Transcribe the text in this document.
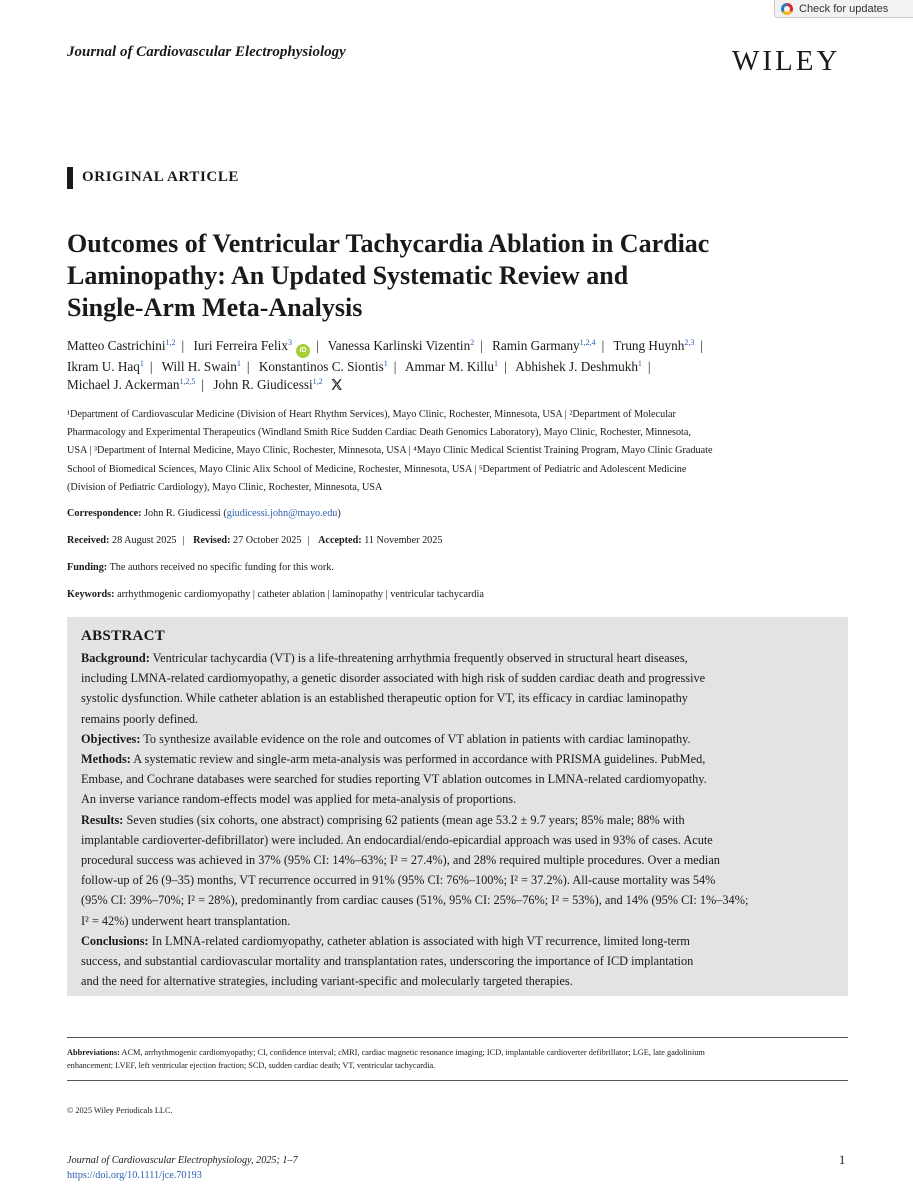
Check for updates
Journal of Cardiovascular Electrophysiology	WILEY
ORIGINAL ARTICLE
Outcomes of Ventricular Tachycardia Ablation in Cardiac
Laminopathy: An Updated Systematic Review and
Single-Arm Meta-Analysis
Matteo Castrichini$^{1,2}$ | Iuri Ferreira Felix$^3$iD | Vanessa Karlinski Vizentin$^2$ | Ramin Garmany$^{1,2,4}$ | Trung Huynh$^{2,3}$ |
Ikram U. Haq$^1$ | Will H. Swain$^1$ | Konstantinos C. Siontis$^1$ | Ammar M. Killu$^1$ | Abhishek J. Deshmukh$^1$ |
Michael J. Ackerman$^{1,2,5}$ | John R. Giudicessi$^{1,2}$
¹Department of Cardiovascular Medicine (Division of Heart Rhythm Services), Mayo Clinic, Rochester, Minnesota, USA | ²Department of Molecular
Pharmacology and Experimental Therapeutics (Windland Smith Rice Sudden Cardiac Death Genomics Laboratory), Mayo Clinic, Rochester, Minnesota,
USA | ³Department of Internal Medicine, Mayo Clinic, Rochester, Minnesota, USA | ⁴Mayo Clinic Medical Scientist Training Program, Mayo Clinic Graduate
School of Biomedical Sciences, Mayo Clinic Alix School of Medicine, Rochester, Minnesota, USA | ⁵Department of Pediatric and Adolescent Medicine
(Division of Pediatric Cardiology), Mayo Clinic, Rochester, Minnesota, USA
Correspondence: John R. Giudicessi (giudicessi.john@mayo.edu)
Received: 28 August 2025 | Revised: 27 October 2025 | Accepted: 11 November 2025
Funding: The authors received no specific funding for this work.
Keywords: arrhythmogenic cardiomyopathy | catheter ablation | laminopathy | ventricular tachycardia
ABSTRACT
Background: Ventricular tachycardia (VT) is a life-threatening arrhythmia frequently observed in structural heart diseases,
including LMNA-related cardiomyopathy, a genetic disorder associated with high risk of sudden cardiac death and progressive
systolic dysfunction. While catheter ablation is an established therapeutic option for VT, its efficacy in cardiac laminopathy
remains poorly defined.
Objectives: To synthesize available evidence on the role and outcomes of VT ablation in patients with cardiac laminopathy.
Methods: A systematic review and single-arm meta-analysis was performed in accordance with PRISMA guidelines. PubMed,
Embase, and Cochrane databases were searched for studies reporting VT ablation outcomes in LMNA-related cardiomyopathy.
An inverse variance random-effects model was applied for meta-analysis of proportions.
Results: Seven studies (six cohorts, one abstract) comprising 62 patients (mean age 53.2 ± 9.7 years; 85% male; 88% with
implantable cardioverter-defibrillator) were included. An endocardial/endo-epicardial approach was used in 93% of cases. Acute
procedural success was achieved in 37% (95% CI: 14%–63%; I² = 27.4%), and 28% required multiple procedures. Over a median
follow-up of 26 (9–35) months, VT recurrence occurred in 91% (95% CI: 76%–100%; I² = 37.2%). All-cause mortality was 54%
(95% CI: 39%–70%; I² = 28%), predominantly from cardiac causes (51%, 95% CI: 25%–76%; I² = 53%), and 14% (95% CI: 1%–34%;
I² = 42%) underwent heart transplantation.
Conclusions: In LMNA-related cardiomyopathy, catheter ablation is associated with high VT recurrence, limited long-term
success, and substantial cardiovascular mortality and transplantation rates, underscoring the importance of ICD implantation
and the need for alternative strategies, including variant-specific and molecularly targeted therapies.
Abbreviations: ACM, arrhythmogenic cardiomyopathy; CI, confidence interval; cMRI, cardiac magnetic resonance imaging; ICD, implantable cardioverter defibrillator; LGE, late gadolinium
enhancement; LVEF, left ventricular ejection fraction; SCD, sudden cardiac death; VT, ventricular tachycardia.
© 2025 Wiley Periodicals LLC.
Journal of Cardiovascular Electrophysiology, 2025; 1–7
https://doi.org/10.1111/jce.70193
1
